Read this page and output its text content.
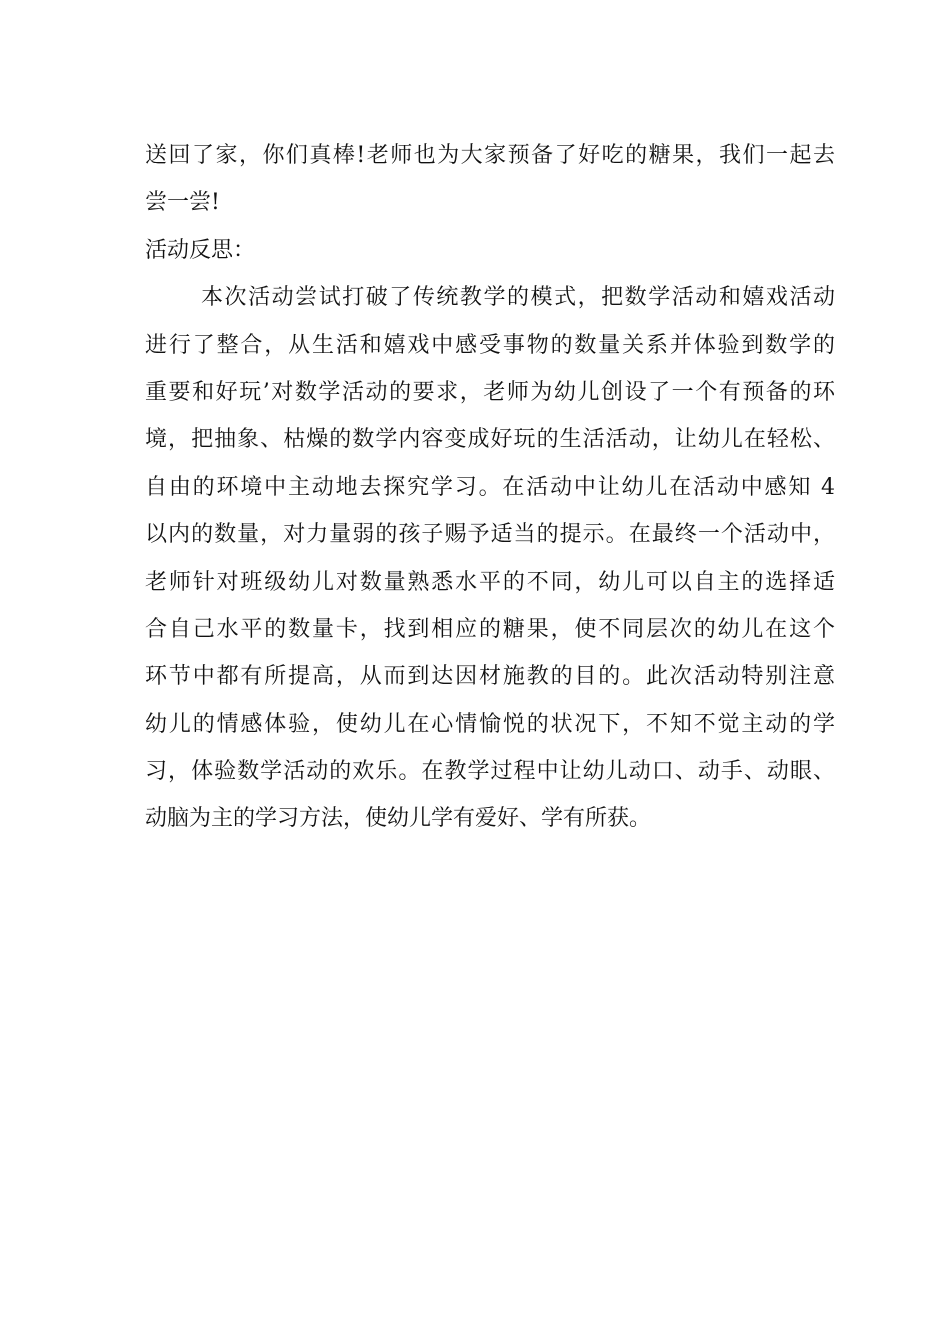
送回了家，你们真棒!老师也为大家预备了好吃的糖果，我们一起去
尝一尝!
活动反思：
本次活动尝试打破了传统教学的模式，把数学活动和嬉戏活动
进行了整合，从生活和嬉戏中感受事物的数量关系并体验到数学的
重要和好玩’对数学活动的要求，老师为幼儿创设了一个有预备的环
境，把抽象、枯燥的数学内容变成好玩的生活活动，让幼儿在轻松、
自由的环境中主动地去探究学习。在活动中让幼儿在活动中感知 4
以内的数量，对力量弱的孩子赐予适当的提示。在最终一个活动中，
老师针对班级幼儿对数量熟悉水平的不同，幼儿可以自主的选择适
合自己水平的数量卡，找到相应的糖果，使不同层次的幼儿在这个
环节中都有所提高，从而到达因材施教的目的。此次活动特别注意
幼儿的情感体验，使幼儿在心情愉悦的状况下，不知不觉主动的学
习，体验数学活动的欢乐。在教学过程中让幼儿动口、动手、动眼、
动脑为主的学习方法，使幼儿学有爱好、学有所获。
